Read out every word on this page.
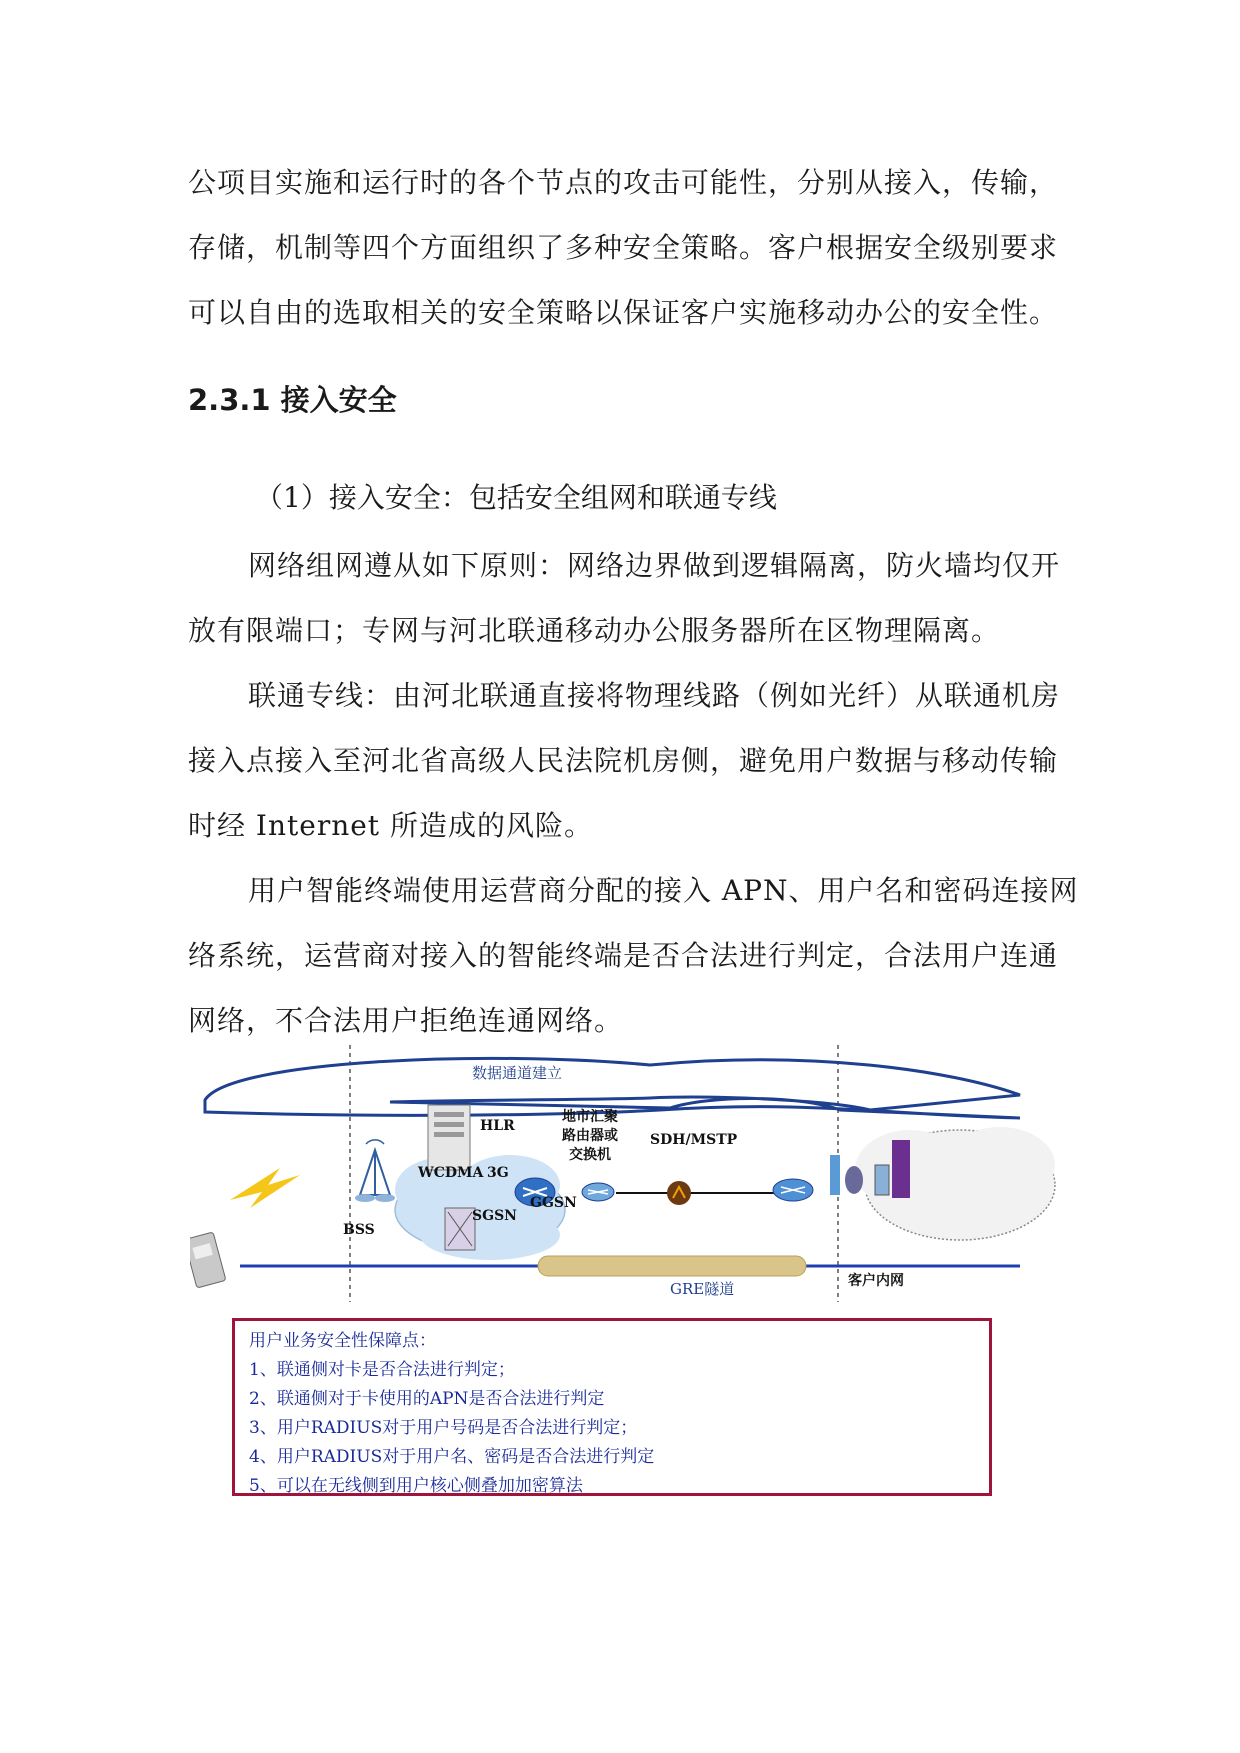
公项目实施和运行时的各个节点的攻击可能性，分别从接入，传输，

存储，机制等四个方面组织了多种安全策略。客户根据安全级别要求

可以自由的选取相关的安全策略以保证客户实施移动办公的安全性。

2.3.1 接入安全

（1）接入安全：包括安全组网和联通专线

网络组网遵从如下原则：网络边界做到逻辑隔离，防火墙均仅开

放有限端口；专网与河北联通移动办公服务器所在区物理隔离。

联通专线：由河北联通直接将物理线路（例如光纤）从联通机房

接入点接入至河北省高级人民法院机房侧，避免用户数据与移动传输

时经 Internet 所造成的风险。

用户智能终端使用运营商分配的接入 APN、用户名和密码连接网

络系统，运营商对接入的智能终端是否合法进行判定，合法用户连通

网络，不合法用户拒绝连通网络。

数据通道建立
HLR
WCDMA 3G
SGSN
GGSN
BSS
地市汇聚
路由器或
交换机
SDH/MSTP
GRE隧道	客户内网
用户业务安全性保障点：
1、联通侧对卡是否合法进行判定；
2、联通侧对于卡使用的APN是否合法进行判定
3、用户RADIUS对于用户号码是否合法进行判定；
4、用户RADIUS对于用户名、密码是否合法进行判定
5、可以在无线侧到用户核心侧叠加加密算法
